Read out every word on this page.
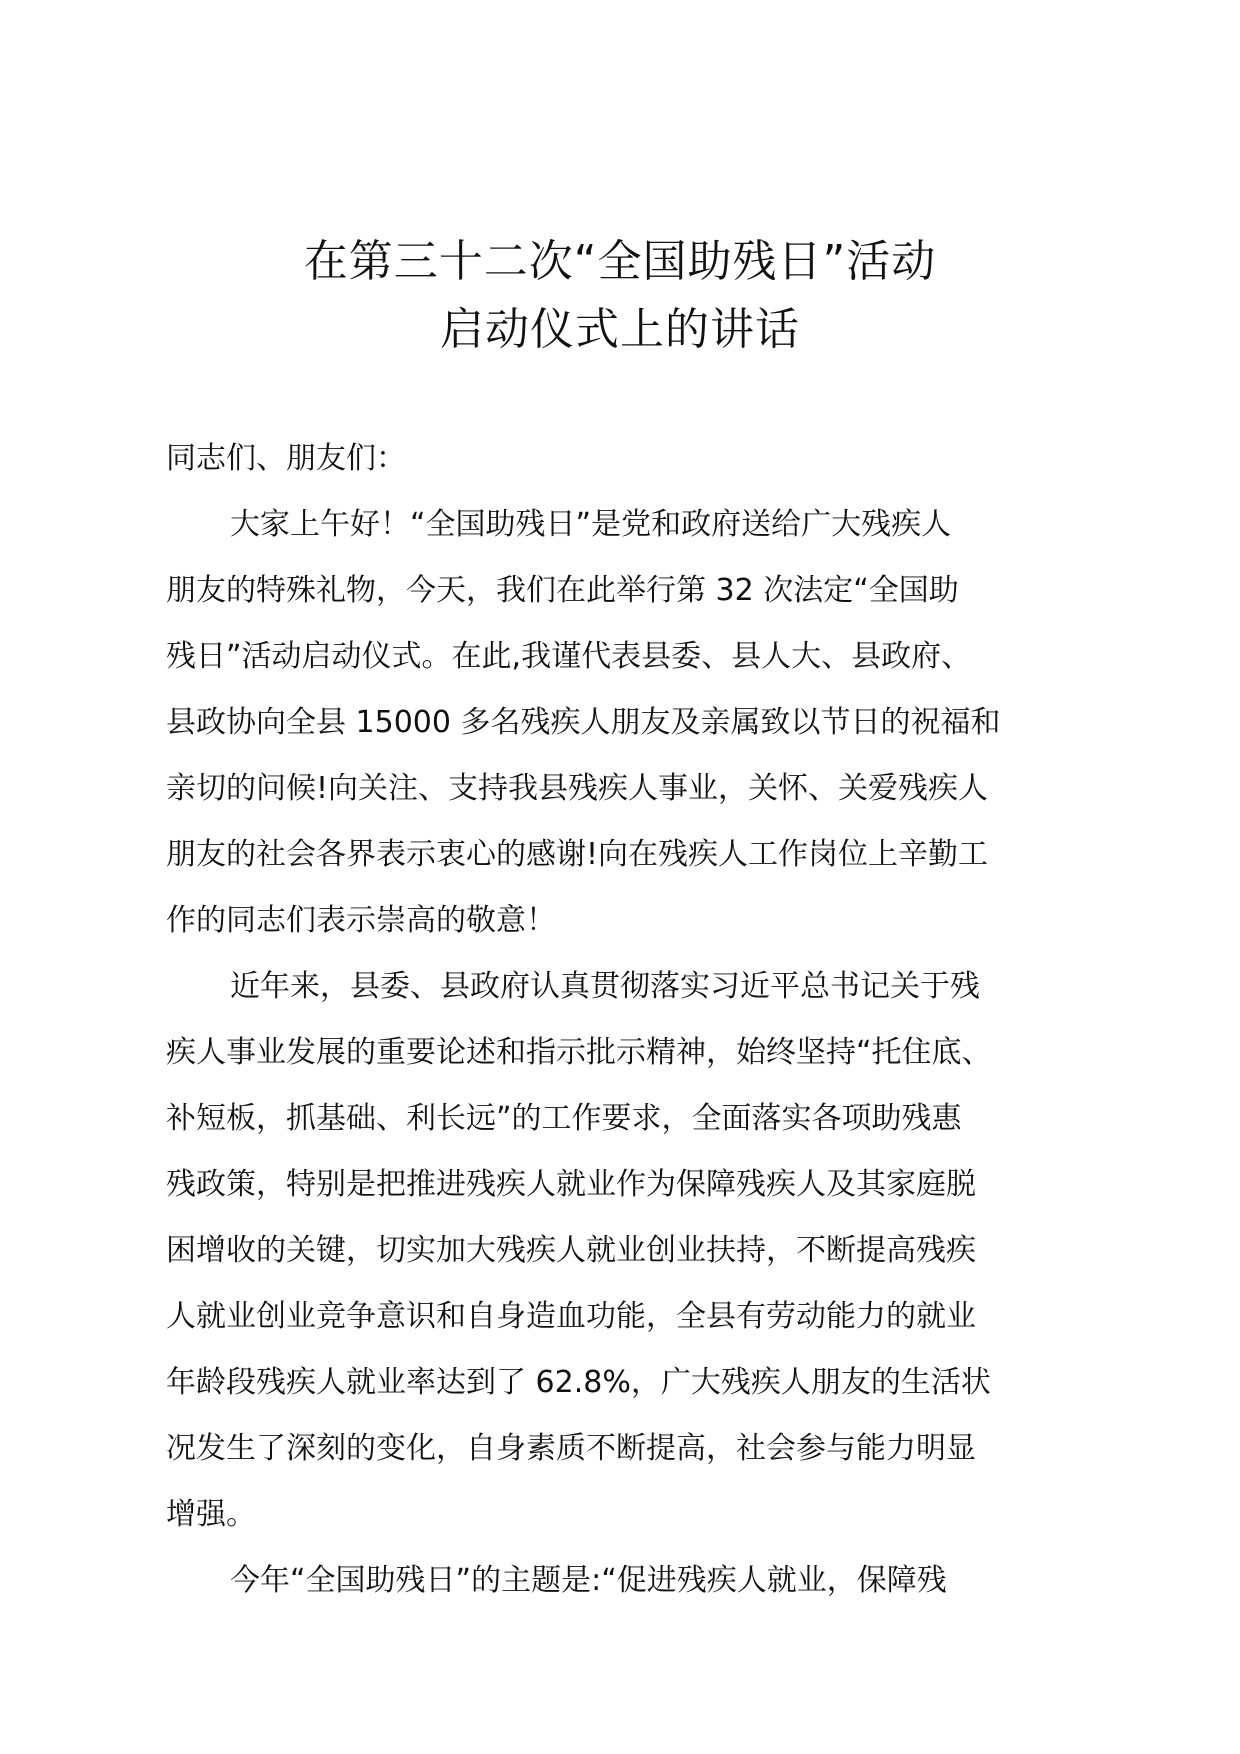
在第三十二次“全国助残日”活动
启动仪式上的讲话
同志们、朋友们：
大家上午好！“全国助残日”是党和政府送给广大残疾人
朋友的特殊礼物，今天，我们在此举行第 32 次法定“全国助
残日”活动启动仪式。在此,我谨代表县委、县人大、县政府、
县政协向全县 15000 多名残疾人朋友及亲属致以节日的祝福和
亲切的问候!向关注、支持我县残疾人事业，关怀、关爱残疾人
朋友的社会各界表示衷心的感谢!向在残疾人工作岗位上辛勤工
作的同志们表示崇高的敬意！
近年来，县委、县政府认真贯彻落实习近平总书记关于残
疾人事业发展的重要论述和指示批示精神，始终坚持“托住底、
补短板，抓基础、利长远”的工作要求，全面落实各项助残惠
残政策，特别是把推进残疾人就业作为保障残疾人及其家庭脱
困增收的关键，切实加大残疾人就业创业扶持，不断提高残疾
人就业创业竞争意识和自身造血功能，全县有劳动能力的就业
年龄段残疾人就业率达到了 62.8%，广大残疾人朋友的生活状
况发生了深刻的变化，自身素质不断提高，社会参与能力明显
增强。
今年“全国助残日”的主题是:“促进残疾人就业，保障残
